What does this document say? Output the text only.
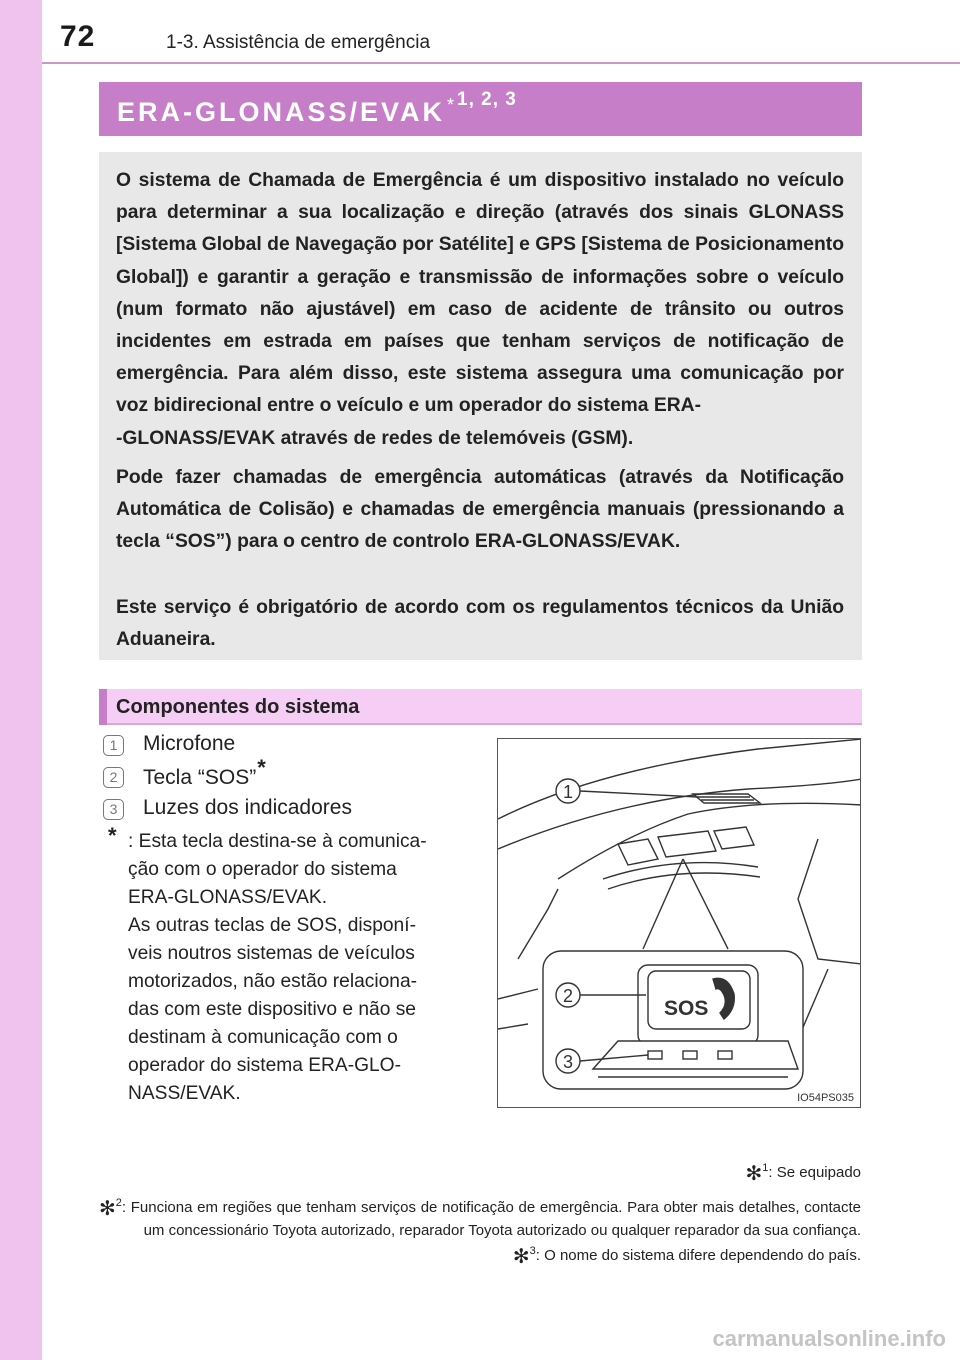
72	1-3. Assistência de emergência
ERA-GLONASS/EVAK $^{*1, 2, 3}$

O sistema de Chamada de Emergência é um dispositivo instalado no veículo para determinar a sua localização e direção (através dos sinais GLONASS [Sistema Global de Navegação por Satélite] e GPS [Sistema de Posicionamento Global]) e garantir a geração e transmissão de informações sobre o veículo (num formato não ajustável) em caso de acidente de trânsito ou outros incidentes em estrada em países que tenham serviços de notificação de emergência. Para além disso, este sistema assegura uma comunicação por voz bidirecional entre o veículo e um operador do sistema ERA-
-GLONASS/EVAK através de redes de telemóveis (GSM).

Pode fazer chamadas de emergência automáticas (através da Notificação Automática de Colisão) e chamadas de emergência manuais (pressionando a tecla “SOS”) para o centro de controlo ERA-GLONASS/EVAK.

Este serviço é obrigatório de acordo com os regulamentos técnicos da União Aduaneira.

Componentes do sistema
1	Microfone
2	Tecla “SOS”*
3	Luzes dos indicadores
* : Esta tecla destina-se à comunica-
ção com o operador do sistema
ERA-GLONASS/EVAK.
As outras teclas de SOS, disponí-
veis noutros sistemas de veículos
motorizados, não estão relaciona-
das com este dispositivo e não se
destinam à comunicação com o
operador do sistema ERA-GLO-
NASS/EVAK.
SOS
1
2
3
IO54PS035
✻$^1$: Se equipado
✻$^2$: Funciona em regiões que tenham serviços de notificação de emergência. Para obter mais detalhes, contacte um concessionário Toyota autorizado, reparador Toyota autorizado ou qualquer reparador da sua confiança.
✻$^3$: O nome do sistema difere dependendo do país.
carmanualsonline.info
